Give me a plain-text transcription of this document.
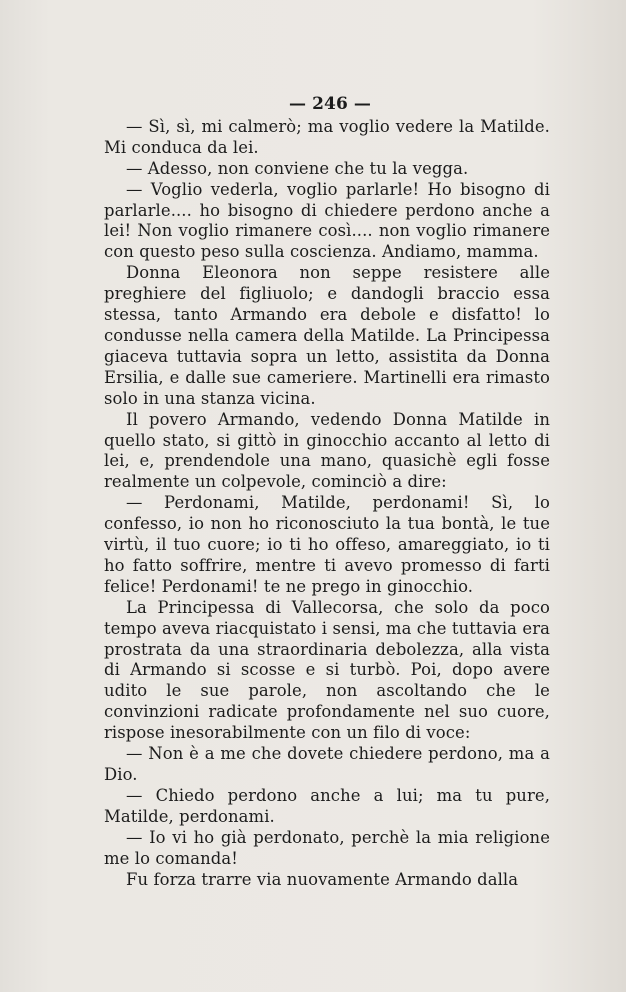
— 246 —

— Sì, sì, mi calmerò; ma voglio vedere la Matilde. Mi conduca da lei.

— Adesso, non conviene che tu la vegga.

— Voglio vederla, voglio parlarle! Ho bisogno di parlarle.... ho bisogno di chiedere perdono anche a lei! Non voglio rimanere così.... non voglio rimanere con questo peso sulla coscienza. Andiamo, mamma.

Donna Eleonora non seppe resistere alle preghiere del figliuolo; e dandogli braccio essa stessa, tanto Armando era debole e disfatto! lo condusse nella camera della Matilde. La Principessa giaceva tuttavia sopra un letto, assistita da Donna Ersilia, e dalle sue cameriere. Martinelli era rimasto solo in una stanza vicina.

Il povero Armando, vedendo Donna Matilde in quello stato, si gittò in ginocchio accanto al letto di lei, e, prendendole una mano, quasichè egli fosse realmente un colpevole, cominciò a dire:

— Perdonami, Matilde, perdonami! Sì, lo confesso, io non ho riconosciuto la tua bontà, le tue virtù, il tuo cuore; io ti ho offeso, amareggiato, io ti ho fatto soffrire, mentre ti avevo promesso di farti felice! Perdonami! te ne prego in ginocchio.

La Principessa di Vallecorsa, che solo da poco tempo aveva riacquistato i sensi, ma che tuttavia era prostrata da una straordinaria debolezza, alla vista di Armando si scosse e si turbò. Poi, dopo avere udito le sue parole, non ascoltando che le convinzioni radicate profondamente nel suo cuore, rispose inesorabilmente con un filo di voce:

— Non è a me che dovete chiedere perdono, ma a Dio.

— Chiedo perdono anche a lui; ma tu pure, Matilde, perdonami.

— Io vi ho già perdonato, perchè la mia religione me lo comanda!

Fu forza trarre via nuovamente Armando dalla
